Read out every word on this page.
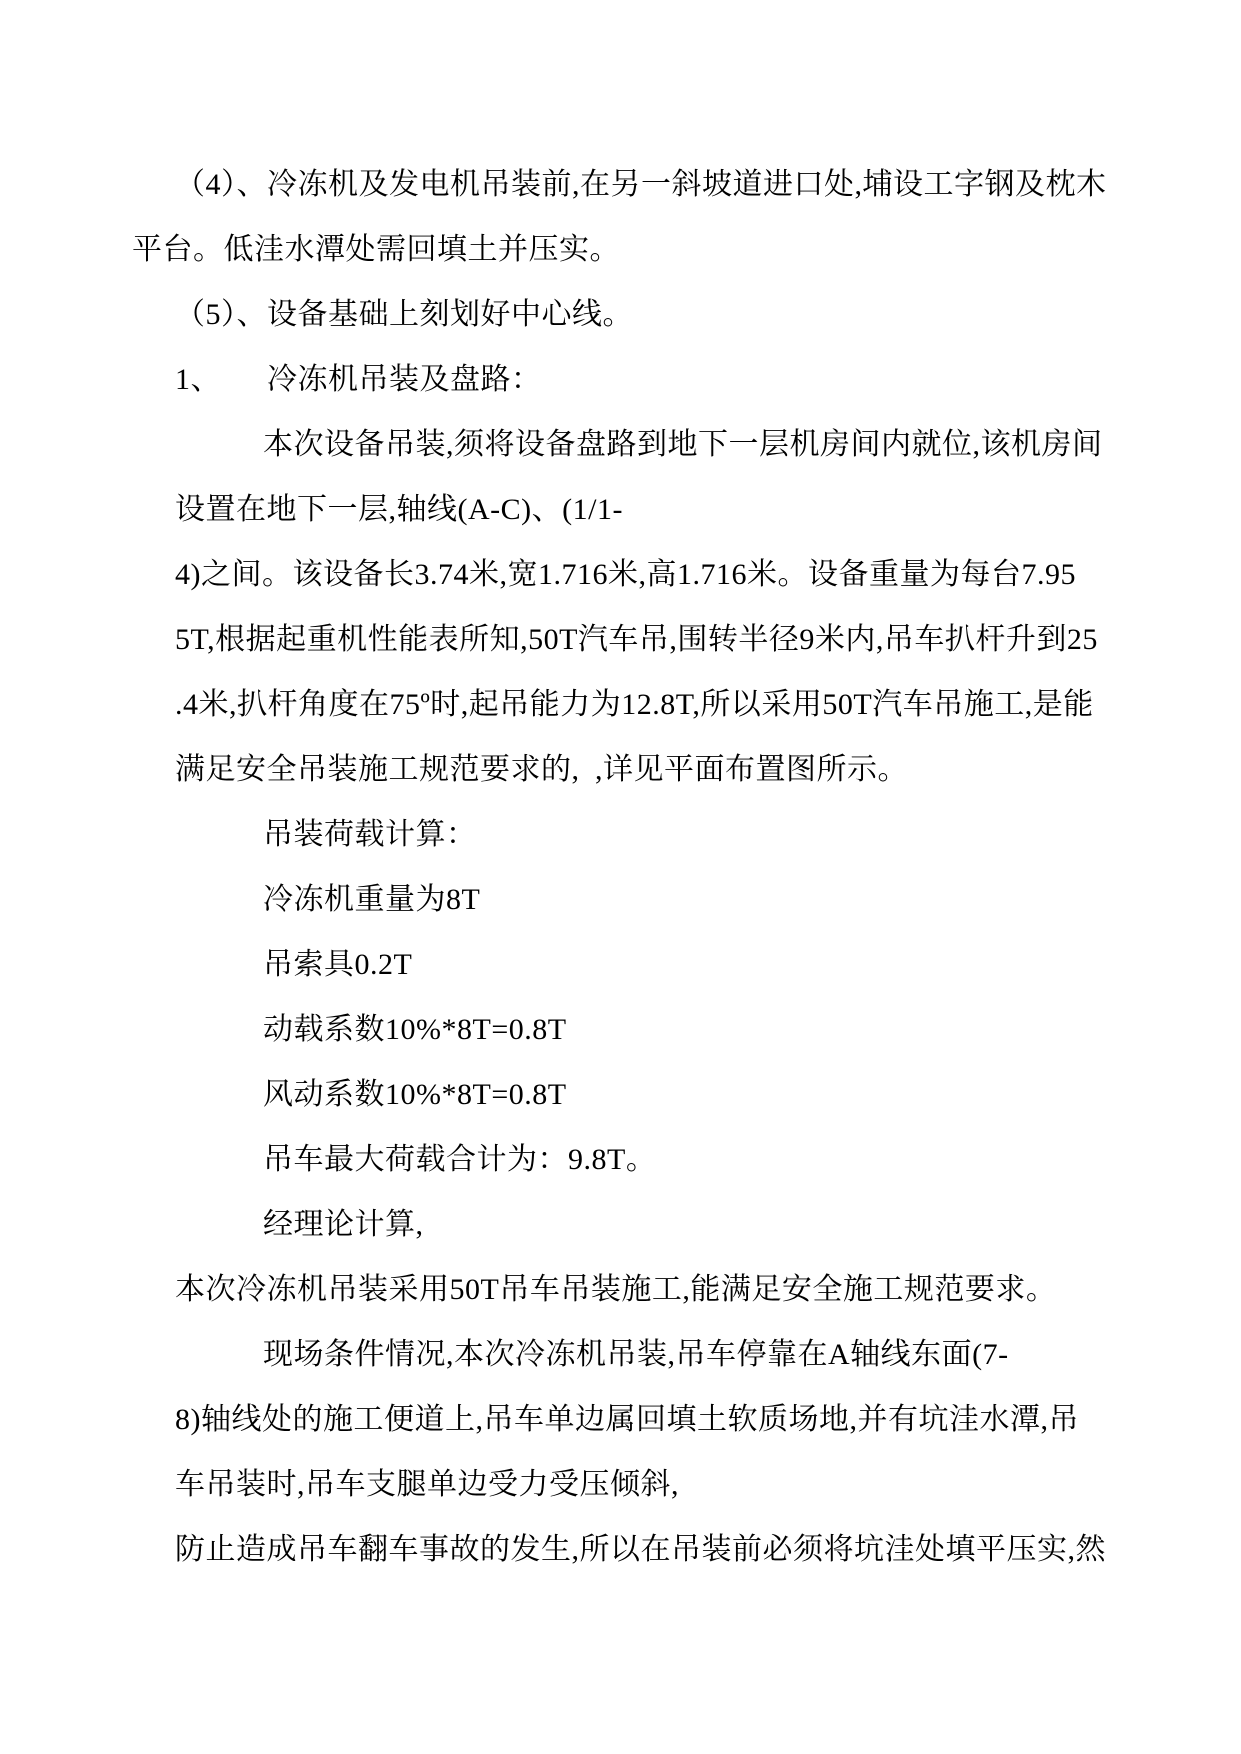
（4）、冷冻机及发电机吊装前,在另一斜坡道进口处,埔设工字钢及枕木
平台。低洼水潭处需回填土并压实。
（5）、设备基础上刻划好中心线。
1、 冷冻机吊装及盘路：
本次设备吊装,须将设备盘路到地下一层机房间内就位,该机房间
设置在地下一层,轴线(A-C)、(1/1-
4)之间。该设备长3.74米,宽1.716米,高1.716米。设备重量为每台7.95
5T,根据起重机性能表所知,50T汽车吊,围转半径9米内,吊车扒杆升到25
.4米,扒杆角度在75º时,起吊能力为12.8T,所以采用50T汽车吊施工,是能
满足安全吊装施工规范要求的, ,详见平面布置图所示。
吊装荷载计算：
冷冻机重量为8T
吊索具0.2T
动载系数10%*8T=0.8T
风动系数10%*8T=0.8T
吊车最大荷载合计为：9.8T。
经理论计算,
本次冷冻机吊装采用50T吊车吊装施工,能满足安全施工规范要求。
现场条件情况,本次冷冻机吊装,吊车停靠在A轴线东面(7-
8)轴线处的施工便道上,吊车单边属回填土软质场地,并有坑洼水潭,吊
车吊装时,吊车支腿单边受力受压倾斜,
防止造成吊车翻车事故的发生,所以在吊装前必须将坑洼处填平压实,然
